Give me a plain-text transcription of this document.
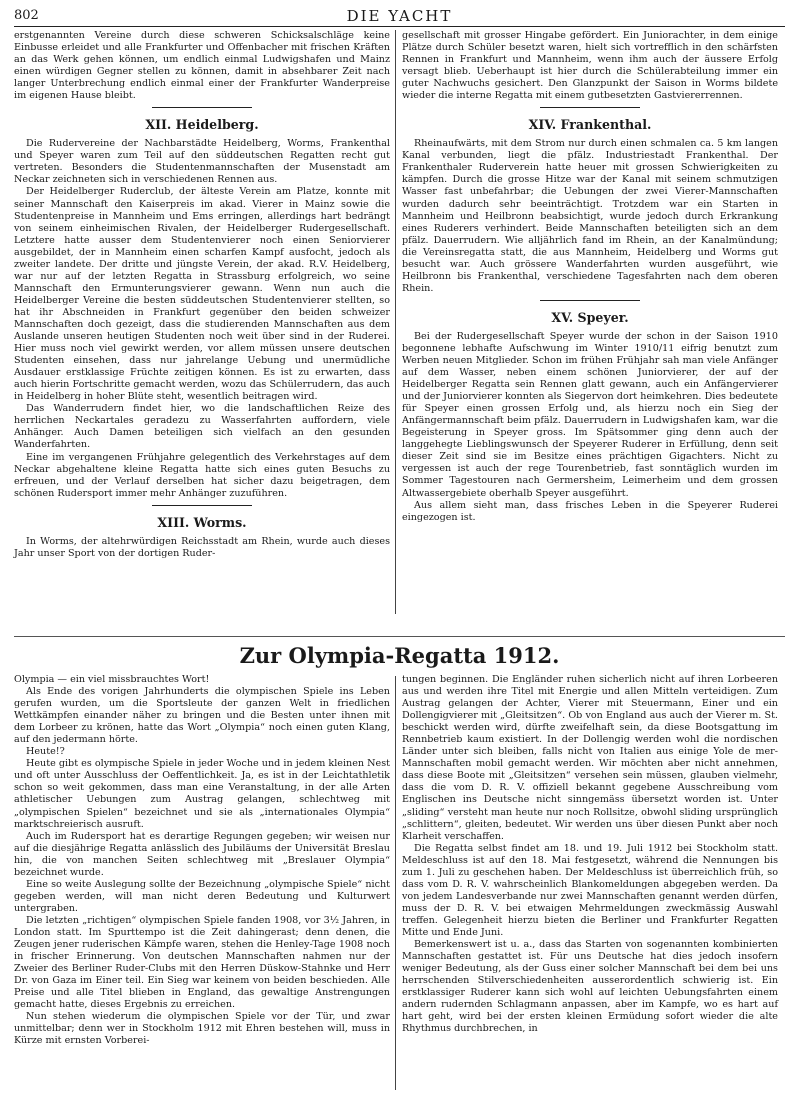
802	DIE YACHT

erstgenannten Vereine durch diese schweren Schicksalschläge keine Einbusse erleidet und alle Frankfurter und Offenbacher mit frischen Kräften an das Werk gehen können, um endlich einmal Ludwigshafen und Mainz einen würdigen Gegner stellen zu können, damit in absehbarer Zeit nach langer Unterbrechung endlich einmal einer der Frankfurter Wanderpreise im eigenen Hause bleibt.

XII. Heidelberg.

Die Rudervereine der Nachbarstädte Heidelberg, Worms, Frankenthal und Speyer waren zum Teil auf den süddeutschen Regatten recht gut vertreten. Besonders die Studentenmannschaften der Musenstadt am Neckar zeichneten sich in verschiedenen Rennen aus.

Der Heidelberger Ruderclub, der älteste Verein am Platze, konnte mit seiner Mannschaft den Kaiserpreis im akad. Vierer in Mainz sowie die Studentenpreise in Mannheim und Ems erringen, allerdings hart bedrängt von seinem einheimischen Rivalen, der Heidelberger Rudergesellschaft. Letztere hatte ausser dem Studentenvierer noch einen Seniorvierer ausgebildet, der in Mannheim einen scharfen Kampf ausfocht, jedoch als zweiter landete. Der dritte und jüngste Verein, der akad. R.V. Heidelberg, war nur auf der letzten Regatta in Strassburg erfolgreich, wo seine Mannschaft den Ermunterungsvierer gewann. Wenn nun auch die Heidelberger Vereine die besten süddeutschen Studentenvierer stellten, so hat ihr Abschneiden in Frankfurt gegenüber den beiden schweizer Mannschaften doch gezeigt, dass die studierenden Mannschaften aus dem Auslande unseren heutigen Studenten noch weit über sind in der Ruderei. Hier muss noch viel gewirkt werden, vor allem müssen unsere deutschen Studenten einsehen, dass nur jahrelange Uebung und unermüdliche Ausdauer erstklassige Früchte zeitigen können. Es ist zu erwarten, dass auch hierin Fortschritte gemacht werden, wozu das Schülerrudern, das auch in Heidelberg in hoher Blüte steht, wesentlich beitragen wird.

Das Wanderrudern findet hier, wo die landschaftlichen Reize des herrlichen Neckartales geradezu zu Wasserfahrten auffordern, viele Anhänger. Auch Damen beteiligen sich vielfach an den gesunden Wanderfahrten.

Eine im vergangenen Frühjahre gelegentlich des Verkehrstages auf dem Neckar abgehaltene kleine Regatta hatte sich eines guten Besuchs zu erfreuen, und der Verlauf derselben hat sicher dazu beigetragen, dem schönen Rudersport immer mehr Anhänger zuzuführen.

XIII. Worms.

In Worms, der altehrwürdigen Reichsstadt am Rhein, wurde auch dieses Jahr unser Sport von der dortigen Ruder-

gesellschaft mit grosser Hingabe gefördert. Ein Juniorachter, in dem einige Plätze durch Schüler besetzt waren, hielt sich vortrefflich in den schärfsten Rennen in Frankfurt und Mannheim, wenn ihm auch der äussere Erfolg versagt blieb. Ueberhaupt ist hier durch die Schülerabteilung immer ein guter Nachwuchs gesichert. Den Glanzpunkt der Saison in Worms bildete wieder die interne Regatta mit einem gutbesetzten Gastviererrennen.

XIV. Frankenthal.

Rheinaufwärts, mit dem Strom nur durch einen schmalen ca. 5 km langen Kanal verbunden, liegt die pfälz. Industriestadt Frankenthal. Der Frankenthaler Ruderverein hatte heuer mit grossen Schwierigkeiten zu kämpfen. Durch die grosse Hitze war der Kanal mit seinem schmutzigen Wasser fast unbefahrbar; die Uebungen der zwei Vierer-Mannschaften wurden dadurch sehr beeinträchtigt. Trotzdem war ein Starten in Mannheim und Heilbronn beabsichtigt, wurde jedoch durch Erkrankung eines Ruderers verhindert. Beide Mannschaften beteiligten sich an dem pfälz. Dauerrudern. Wie alljährlich fand im Rhein, an der Kanalmündung; die Vereinsregatta statt, die aus Mannheim, Heidelberg und Worms gut besucht war. Auch grössere Wanderfahrten wurden ausgeführt, wie Heilbronn bis Frankenthal, verschiedene Tagesfahrten nach dem oberen Rhein.

XV. Speyer.

Bei der Rudergesellschaft Speyer wurde der schon in der Saison 1910 begonnene lebhafte Aufschwung im Winter 1910/11 eifrig benutzt zum Werben neuen Mitglieder. Schon im frühen Frühjahr sah man viele Anfänger auf dem Wasser, neben einem schönen Juniorvierer, der auf der Heidelberger Regatta sein Rennen glatt gewann, auch ein Anfängervierer und der Juniorvierer konnten als Siegervon dort heimkehren. Dies bedeutete für Speyer einen grossen Erfolg und, als hierzu noch ein Sieg der Anfängermannschaft beim pfälz. Dauerrudern in Ludwigshafen kam, war die Begeisterung in Speyer gross. Im Spätsommer ging denn auch der langgehegte Lieblingswunsch der Speyerer Ruderer in Erfüllung, denn seit dieser Zeit sind sie im Besitze eines prächtigen Gigachters. Nicht zu vergessen ist auch der rege Tourenbetrieb, fast sonntäglich wurden im Sommer Tagestouren nach Germersheim, Leimerheim und dem grossen Altwassergebiete oberhalb Speyer ausgeführt.

Aus allem sieht man, dass frisches Leben in die Speyerer Ruderei eingezogen ist.

Zur Olympia-Regatta 1912.

Olympia — ein viel missbrauchtes Wort!

Als Ende des vorigen Jahrhunderts die olympischen Spiele ins Leben gerufen wurden, um die Sportsleute der ganzen Welt in friedlichen Wettkämpfen einander näher zu bringen und die Besten unter ihnen mit dem Lorbeer zu krönen, hatte das Wort „Olympia“ noch einen guten Klang, auf den jedermann hörte.

Heute!?

Heute gibt es olympische Spiele in jeder Woche und in jedem kleinen Nest und oft unter Ausschluss der Oeffentlichkeit. Ja, es ist in der Leichtathletik schon so weit gekommen, dass man eine Veranstaltung, in der alle Arten athletischer Uebungen zum Austrag gelangen, schlechtweg mit „olympischen Spielen“ bezeichnet und sie als „internationales Olympia“ marktschreierisch ausruft.

Auch im Rudersport hat es derartige Regungen gegeben; wir weisen nur auf die diesjährige Regatta anlässlich des Jubiläums der Universität Breslau hin, die von manchen Seiten schlechtweg mit „Breslauer Olympia“ bezeichnet wurde.

Eine so weite Auslegung sollte der Bezeichnung „olympische Spiele“ nicht gegeben werden, will man nicht deren Bedeutung und Kulturwert untergraben.

Die letzten „richtigen“ olympischen Spiele fanden 1908, vor 3½ Jahren, in London statt. Im Spurttempo ist die Zeit dahingerast; denn denen, die Zeugen jener ruderischen Kämpfe waren, stehen die Henley-Tage 1908 noch in frischer Erinnerung. Von deutschen Mannschaften nahmen nur der Zweier des Berliner Ruder-Clubs mit den Herren Düskow-Stahnke und Herr Dr. von Gaza im Einer teil. Ein Sieg war keinem von beiden beschieden. Alle Preise und alle Titel blieben in England, das gewaltige Anstrengungen gemacht hatte, dieses Ergebnis zu erreichen.

Nun stehen wiederum die olympischen Spiele vor der Tür, und zwar unmittelbar; denn wer in Stockholm 1912 mit Ehren bestehen will, muss in Kürze mit ernsten Vorberei-

tungen beginnen. Die Engländer ruhen sicherlich nicht auf ihren Lorbeeren aus und werden ihre Titel mit Energie und allen Mitteln verteidigen. Zum Austrag gelangen der Achter, Vierer mit Steuermann, Einer und ein Dollengigvierer mit „Gleitsitzen“. Ob von England aus auch der Vierer m. St. beschickt werden wird, dürfte zweifelhaft sein, da diese Bootsgattung im Rennbetrieb kaum existiert. In der Dollengig werden wohl die nordischen Länder unter sich bleiben, falls nicht von Italien aus einige Yole de mer-Mannschaften mobil gemacht werden. Wir möchten aber nicht annehmen, dass diese Boote mit „Gleitsitzen“ versehen sein müssen, glauben vielmehr, dass die vom D. R. V. offiziell bekannt gegebene Ausschreibung vom Englischen ins Deutsche nicht sinngemäss übersetzt worden ist. Unter „sliding“ versteht man heute nur noch Rollsitze, obwohl sliding ursprünglich „schlittern“, gleiten, bedeutet. Wir werden uns über diesen Punkt aber noch Klarheit verschaffen.

Die Regatta selbst findet am 18. und 19. Juli 1912 bei Stockholm statt. Meldeschluss ist auf den 18. Mai festgesetzt, während die Nennungen bis zum 1. Juli zu geschehen haben. Der Meldeschluss ist überreichlich früh, so dass vom D. R. V. wahrscheinlich Blankomeldungen abgegeben werden. Da von jedem Landesverbande nur zwei Mannschaften genannt werden dürfen, muss der D. R. V. bei etwaigen Mehrmeldungen zweckmässig Auswahl treffen. Gelegenheit hierzu bieten die Berliner und Frankfurter Regatten Mitte und Ende Juni.

Bemerkenswert ist u. a., dass das Starten von sogenannten kombinierten Mannschaften gestattet ist. Für uns Deutsche hat dies jedoch insofern weniger Bedeutung, als der Guss einer solcher Mannschaft bei dem bei uns herrschenden Stilverschiedenheiten ausserordentlich schwierig ist. Ein erstklassiger Ruderer kann sich wohl auf leichten Uebungsfahrten einem andern rudernden Schlagmann anpassen, aber im Kampfe, wo es hart auf hart geht, wird bei der ersten kleinen Ermüdung sofort wieder die alte Rhythmus durchbrechen, in
